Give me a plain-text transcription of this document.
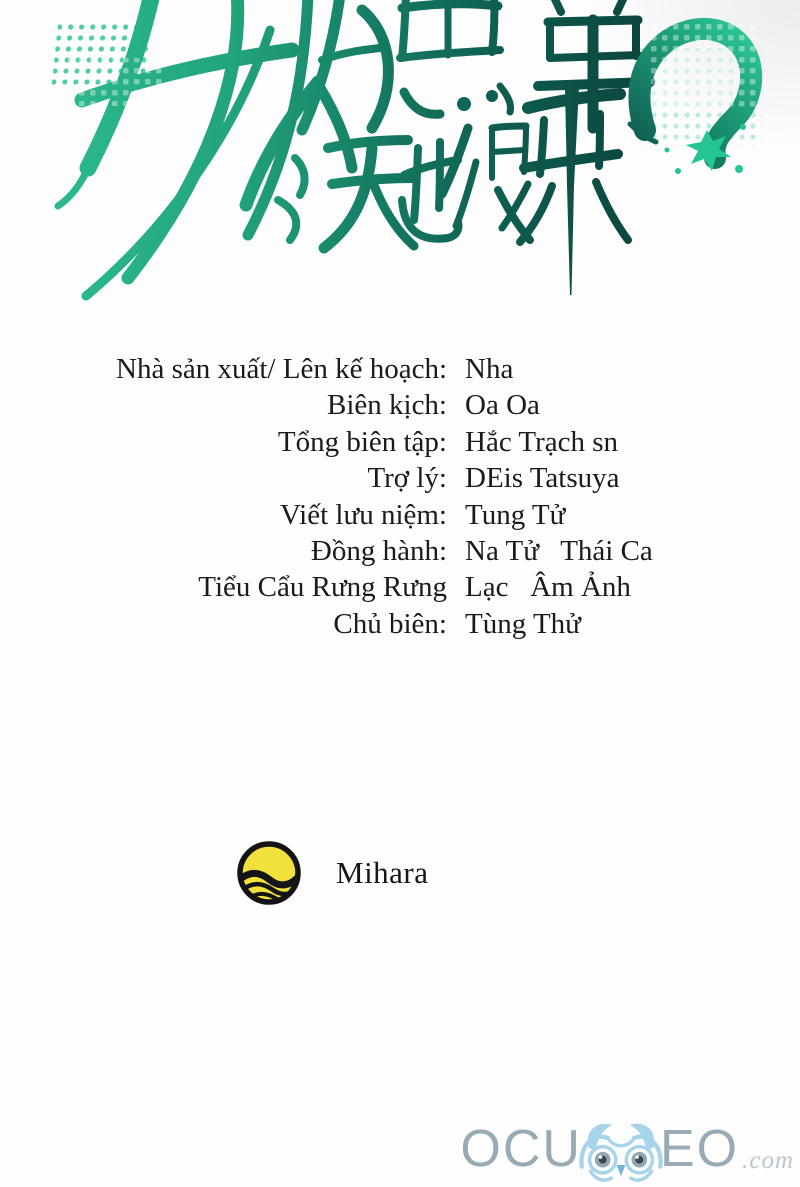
Nhà sản xuất/ Lên kế hoạch: Nha
Biên kịch: Oa Oa
Tổng biên tập: Hắc Trạch sn
Trợ lý: DEis Tatsuya
Viết lưu niệm: Tung Tử
Đồng hành: Na Tử   Thái Ca
Tiểu Cẩu Rưng Rưng Lạc   Âm Ảnh
Chủ biên: Tùng Thử
Mihara
OCU EO .com
